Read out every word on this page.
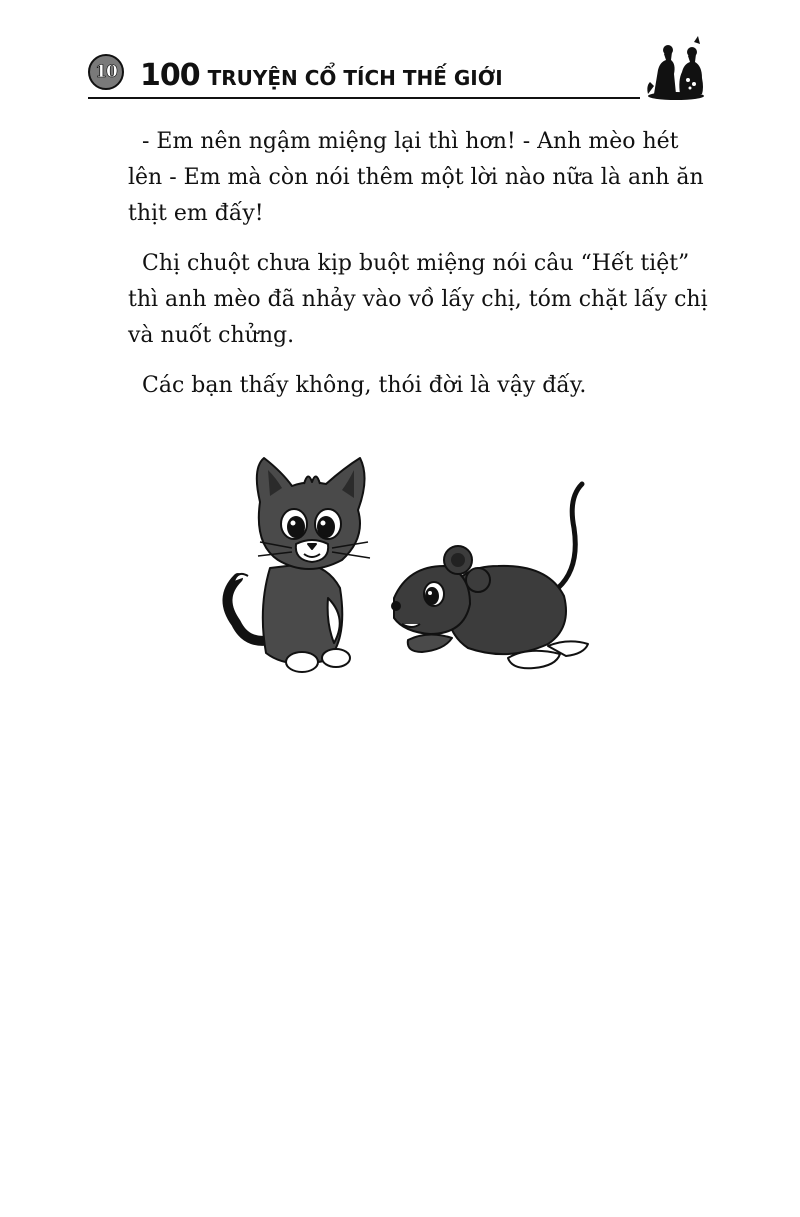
10 100 TRUYỆN CỔ TÍCH THẾ GIỚI

- Em nên ngậm miệng lại thì hơn! - Anh mèo hét lên - Em mà còn nói thêm một lời nào nữa là anh ăn thịt em đấy!

Chị chuột chưa kịp buột miệng nói câu “Hết tiệt” thì anh mèo đã nhảy vào vồ lấy chị, tóm chặt lấy chị và nuốt chửng.

Các bạn thấy không, thói đời là vậy đấy.
